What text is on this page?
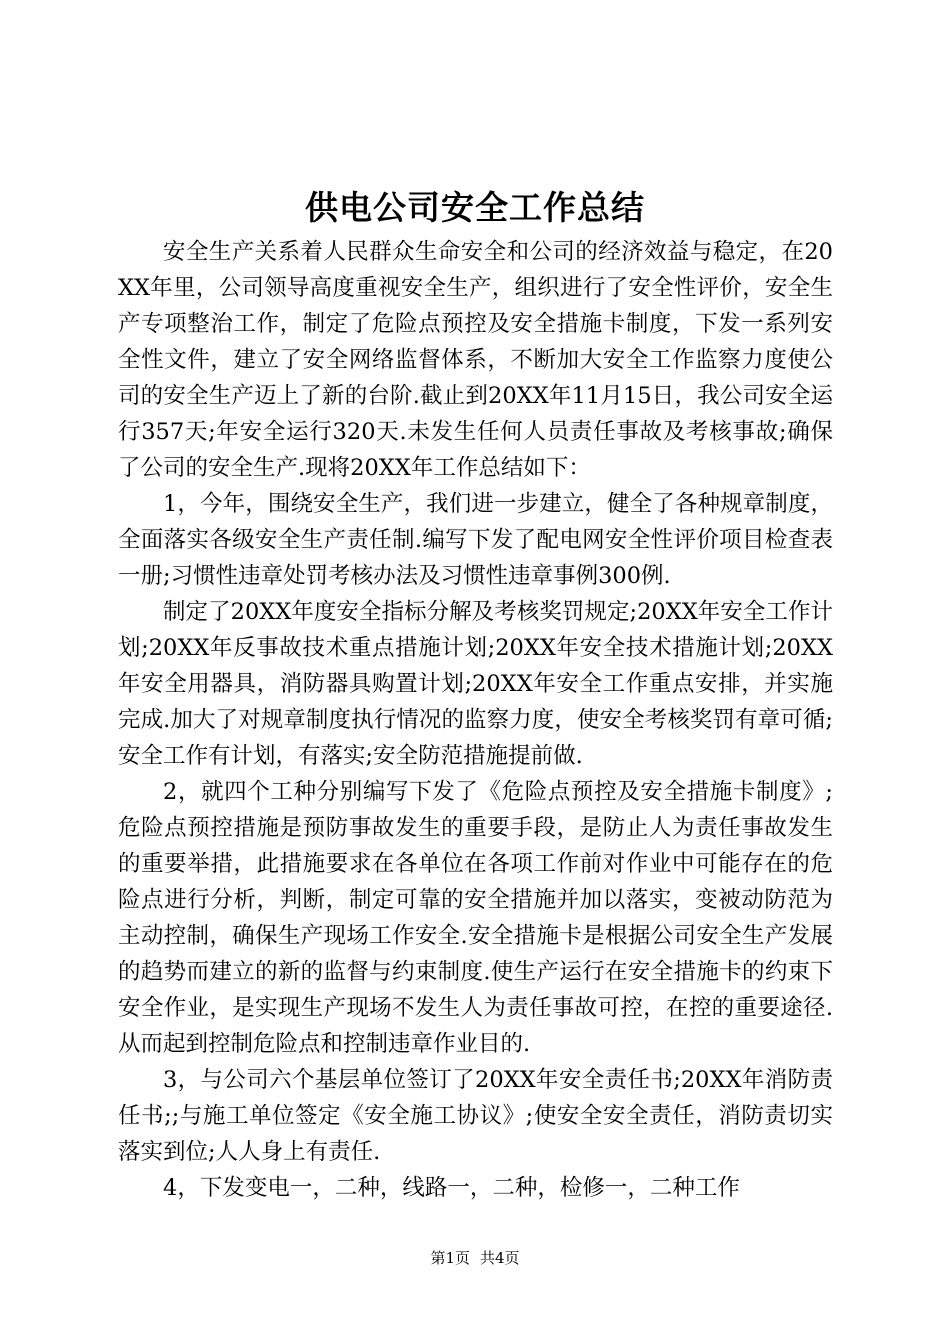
供电公司安全工作总结

安全生产关系着人民群众生命安全和公司的经济效益与稳定，在20XX年里，公司领导高度重视安全生产，组织进行了安全性评价，安全生产专项整治工作，制定了危险点预控及安全措施卡制度，下发一系列安全性文件，建立了安全网络监督体系，不断加大安全工作监察力度使公司的安全生产迈上了新的台阶.截止到20XX年11月15日，我公司安全运行357天;年安全运行320天.未发生任何人员责任事故及考核事故;确保了公司的安全生产.现将20XX年工作总结如下：

1，今年，围绕安全生产，我们进一步建立，健全了各种规章制度，全面落实各级安全生产责任制.编写下发了配电网安全性评价项目检查表一册;习惯性违章处罚考核办法及习惯性违章事例300例.

制定了20XX年度安全指标分解及考核奖罚规定;20XX年安全工作计划;20XX年反事故技术重点措施计划;20XX年安全技术措施计划;20XX年安全用器具，消防器具购置计划;20XX年安全工作重点安排，并实施完成.加大了对规章制度执行情况的监察力度，使安全考核奖罚有章可循;安全工作有计划，有落实;安全防范措施提前做.

2，就四个工种分别编写下发了《危险点预控及安全措施卡制度》;危险点预控措施是预防事故发生的重要手段，是防止人为责任事故发生的重要举措，此措施要求在各单位在各项工作前对作业中可能存在的危险点进行分析，判断，制定可靠的安全措施并加以落实，变被动防范为主动控制，确保生产现场工作安全.安全措施卡是根据公司安全生产发展的趋势而建立的新的监督与约束制度.使生产运行在安全措施卡的约束下安全作业，是实现生产现场不发生人为责任事故可控，在控的重要途径.从而起到控制危险点和控制违章作业目的.

3，与公司六个基层单位签订了20XX年安全责任书;20XX年消防责任书;;与施工单位签定《安全施工协议》;使安全安全责任，消防责切实落实到位;人人身上有责任.

4，下发变电一，二种，线路一，二种，检修一，二种工作

第1页 共4页
